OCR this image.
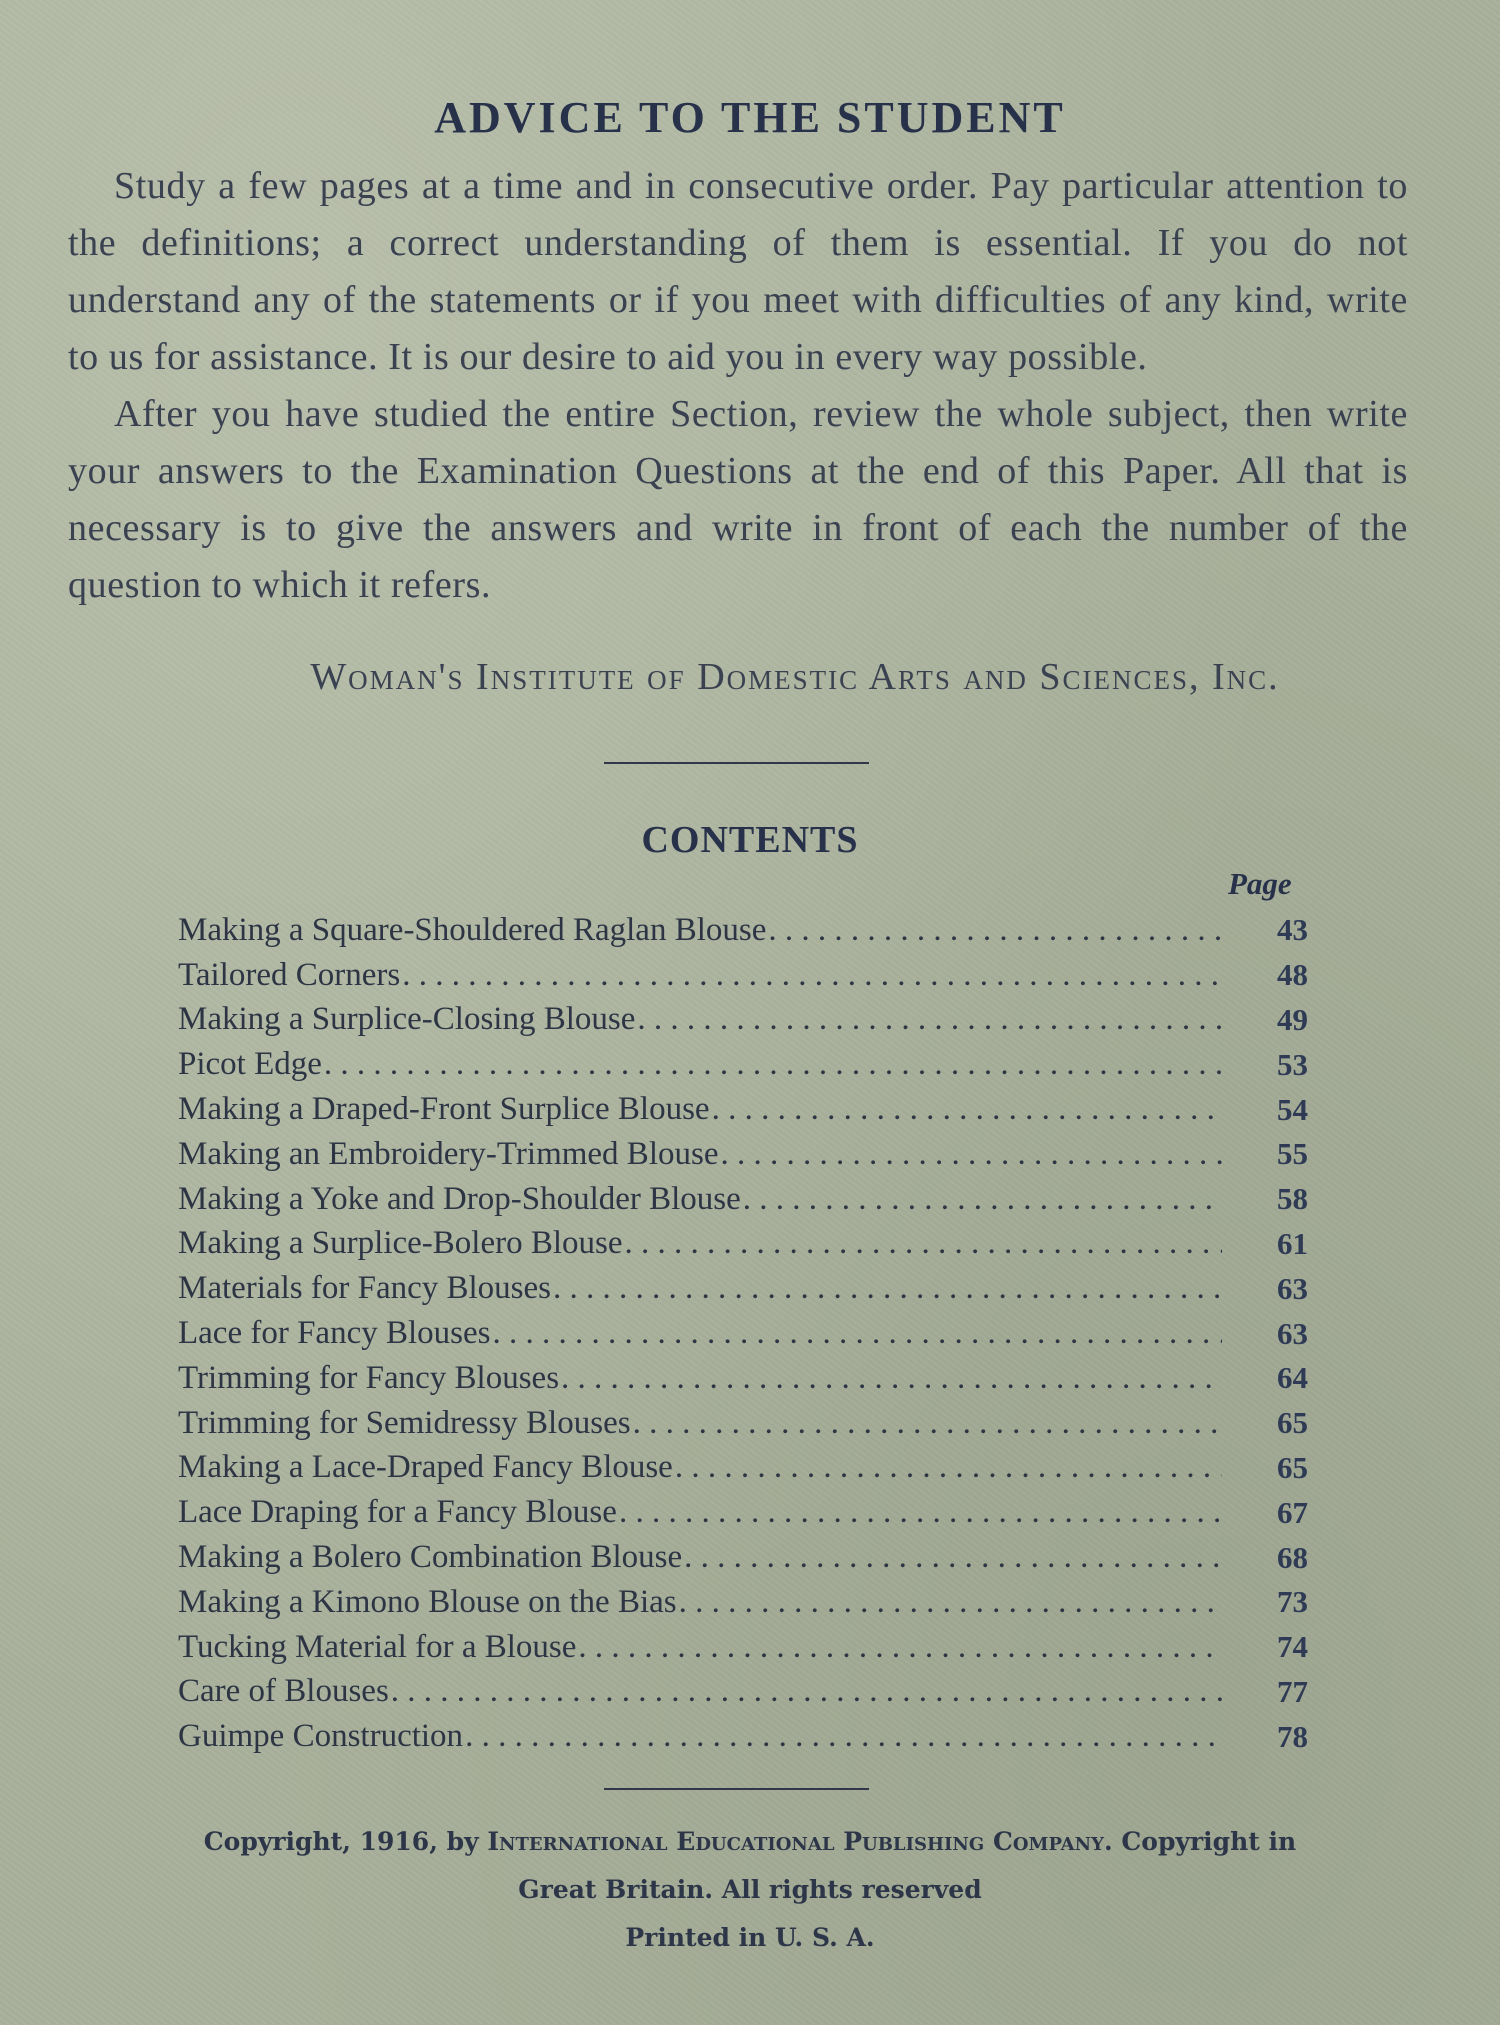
ADVICE TO THE STUDENT

Study a few pages at a time and in consecutive order. Pay particular attention to the definitions; a correct understanding of them is essential. If you do not understand any of the statements or if you meet with difficulties of any kind, write to us for assistance. It is our desire to aid you in every way possible.

After you have studied the entire Section, review the whole subject, then write your answers to the Examination Questions at the end of this Paper. All that is necessary is to give the answers and write in front of each the number of the question to which it refers.

Woman's Institute of Domestic Arts and Sciences, Inc.
CONTENTS
Page
Making a Square-Shouldered Raglan Blouse . . .	43
Tailored Corners . . .	48
Making a Surplice-Closing Blouse . . .	49
Picot Edge . . .	53
Making a Draped-Front Surplice Blouse . . .	54
Making an Embroidery-Trimmed Blouse . . .	55
Making a Yoke and Drop-Shoulder Blouse . . .	58
Making a Surplice-Bolero Blouse . . .	61
Materials for Fancy Blouses . . .	63
Lace for Fancy Blouses . . .	63
Trimming for Fancy Blouses . . .	64
Trimming for Semidressy Blouses . . .	65
Making a Lace-Draped Fancy Blouse . . .	65
Lace Draping for a Fancy Blouse . . .	67
Making a Bolero Combination Blouse . . .	68
Making a Kimono Blouse on the Bias . . .	73
Tucking Material for a Blouse . . .	74
Care of Blouses . . .	77
Guimpe Construction . . .	78
Copyright, 1916, by International Educational Publishing Company. Copyright in
Great Britain. All rights reserved
Printed in U. S. A.
